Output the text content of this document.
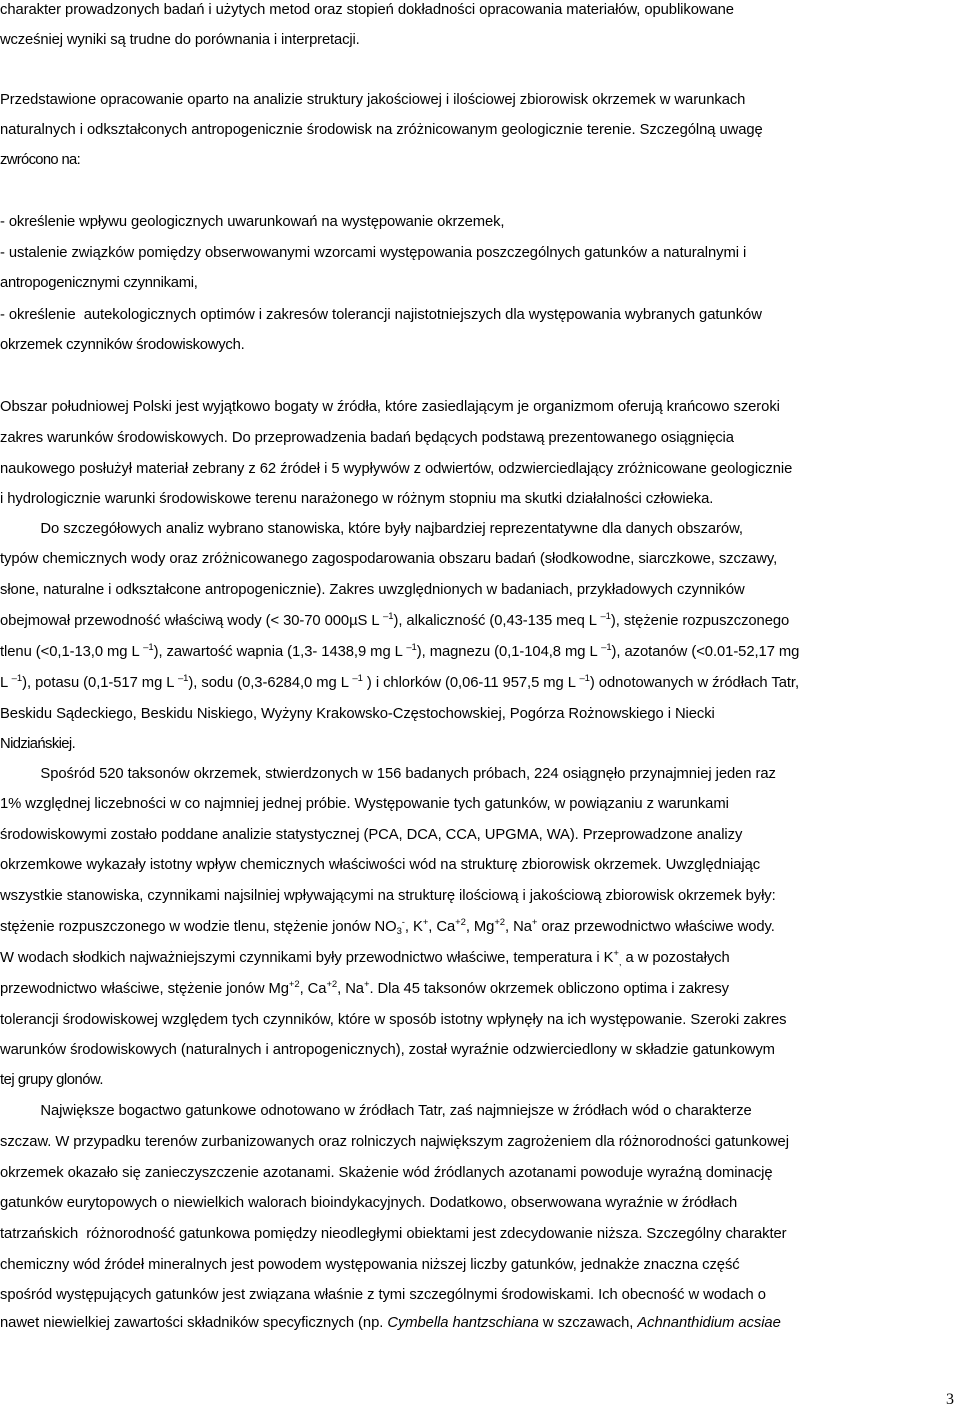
charakter prowadzonych badań i użytych metod oraz stopień dokładności opracowania materiałów, opublikowane
wcześniej wyniki są trudne do porównania i interpretacji.
Przedstawione opracowanie oparto na analizie struktury jakościowej i ilościowej zbiorowisk okrzemek w warunkach
naturalnych i odkształconych antropogenicznie środowisk na zróżnicowanym geologicznie terenie. Szczególną uwagę
zwrócono na:
- określenie wpływu geologicznych uwarunkowań na występowanie okrzemek,
- ustalenie związków pomiędzy obserwowanymi wzorcami występowania poszczególnych gatunków a naturalnymi i
antropogenicznymi czynnikami,
- określenie  autekologicznych optimów i zakresów tolerancji najistotniejszych dla występowania wybranych gatunków
okrzemek czynników środowiskowych.
Obszar południowej Polski jest wyjątkowo bogaty w źródła, które zasiedlającym je organizmom oferują krańcowo szeroki
zakres warunków środowiskowych. Do przeprowadzenia badań będących podstawą prezentowanego osiągnięcia
naukowego posłużył materiał zebrany z 62 źródeł i 5 wypływów z odwiertów, odzwierciedlający zróżnicowane geologicznie
i hydrologicznie warunki środowiskowe terenu narażonego w różnym stopniu ma skutki działalności człowieka.
Do szczegółowych analiz wybrano stanowiska, które były najbardziej reprezentatywne dla danych obszarów,
typów chemicznych wody oraz zróżnicowanego zagospodarowania obszaru badań (słodkowodne, siarczkowe, szczawy,
słone, naturalne i odkształcone antropogenicznie). Zakres uwzględnionych w badaniach, przykładowych czynników
obejmował przewodność właściwą wody (< 30-70 000µS L $^{-1}$), alkaliczność (0,43-135 meq L $^{-1}$), stężenie rozpuszczonego
tlenu (<0,1-13,0 mg L $^{-1}$), zawartość wapnia (1,3- 1438,9 mg L $^{-1}$), magnezu (0,1-104,8 mg L $^{-1}$), azotanów (<0.01-52,17 mg
L $^{-1}$), potasu (0,1-517 mg L $^{-1}$), sodu (0,3-6284,0 mg L $^{-1}$ ) i chlorków (0,06-11 957,5 mg L $^{-1}$) odnotowanych w źródłach Tatr,
Beskidu Sądeckiego, Beskidu Niskiego, Wyżyny Krakowsko-Częstochowskiej, Pogórza Rożnowskiego i Niecki
Nidziańskiej.
Spośród 520 taksonów okrzemek, stwierdzonych w 156 badanych próbach, 224 osiągnęło przynajmniej jeden raz
1% względnej liczebności w co najmniej jednej próbie. Występowanie tych gatunków, w powiązaniu z warunkami
środowiskowymi zostało poddane analizie statystycznej (PCA, DCA, CCA, UPGMA, WA). Przeprowadzone analizy
okrzemkowe wykazały istotny wpływ chemicznych właściwości wód na strukturę zbiorowisk okrzemek. Uwzględniając
wszystkie stanowiska, czynnikami najsilniej wpływającymi na strukturę ilościową i jakościową zbiorowisk okrzemek były:
stężenie rozpuszczonego w wodzie tlenu, stężenie jonów $NO_3^-$, K+, $Ca^{+2}$, $Mg^{+2}$, Na+ oraz przewodnictwo właściwe wody.
W wodach słodkich najważniejszymi czynnikami były przewodnictwo właściwe, temperatura i $K^+_,$ a w pozostałych
przewodnictwo właściwe, stężenie jonów $Mg^{+2}$, $Ca^{+2}$, Na+. Dla 45 taksonów okrzemek obliczono optima i zakresy
tolerancji środowiskowej względem tych czynników, które w sposób istotny wpłynęły na ich występowanie. Szeroki zakres
warunków środowiskowych (naturalnych i antropogenicznych), został wyraźnie odzwierciedlony w składzie gatunkowym
tej grupy glonów.
Największe bogactwo gatunkowe odnotowano w źródłach Tatr, zaś najmniejsze w źródłach wód o charakterze
szczaw. W przypadku terenów zurbanizowanych oraz rolniczych największym zagrożeniem dla różnorodności gatunkowej
okrzemek okazało się zanieczyszczenie azotanami. Skażenie wód źródlanych azotanami powoduje wyraźną dominację
gatunków eurytopowych o niewielkich walorach bioindykacyjnych. Dodatkowo, obserwowana wyraźnie w źródłach
tatrzańskich  różnorodność gatunkowa pomiędzy nieodległymi obiektami jest zdecydowanie niższa. Szczególny charakter
chemiczny wód źródeł mineralnych jest powodem występowania niższej liczby gatunków, jednakże znaczna część
spośród występujących gatunków jest związana właśnie z tymi szczególnymi środowiskami. Ich obecność w wodach o
nawet niewielkiej zawartości składników specyficznych (np. Cymbella hantzschiana w szczawach, Achnanthidium acsiae
3
